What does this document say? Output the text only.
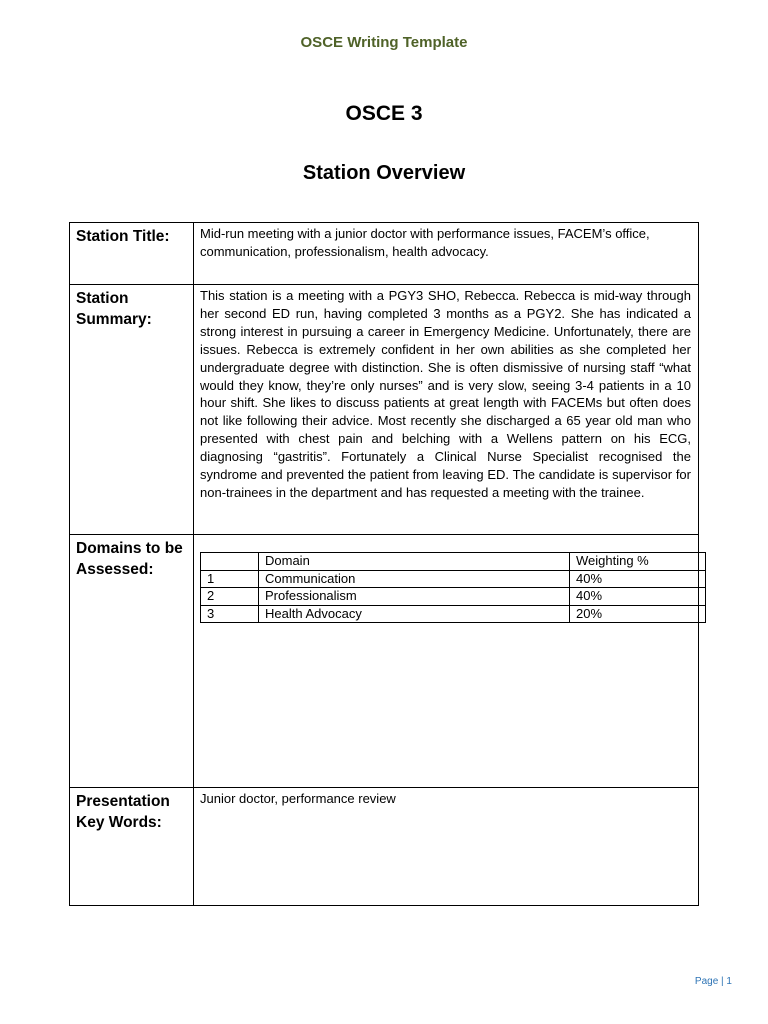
OSCE Writing Template
OSCE 3
Station Overview
Station Title:	Mid-run meeting with a junior doctor with performance issues, FACEM’s office, communication, professionalism, health advocacy.
Station Summary:	This station is a meeting with a PGY3 SHO, Rebecca. Rebecca is mid-way through her second ED run, having completed 3 months as a PGY2. She has indicated a strong interest in pursuing a career in Emergency Medicine. Unfortunately, there are issues. Rebecca is extremely confident in her own abilities as she completed her undergraduate degree with distinction. She is often dismissive of nursing staff “what would they know, they’re only nurses” and is very slow, seeing 3-4 patients in a 10 hour shift. She likes to discuss patients at great length with FACEMs but often does not like following their advice. Most recently she discharged a 65 year old man who presented with chest pain and belching with a Wellens pattern on his ECG, diagnosing “gastritis”. Fortunately a Clinical Nurse Specialist recognised the syndrome and prevented the patient from leaving ED. The candidate is supervisor for non-trainees in the department and has requested a meeting with the trainee.
Domains to be Assessed:	
	Domain	Weighting %
1	Communication	40%
2	Professionalism	40%
3	Health Advocacy	20%

Presentation Key Words:	Junior doctor, performance review
Page | 1
